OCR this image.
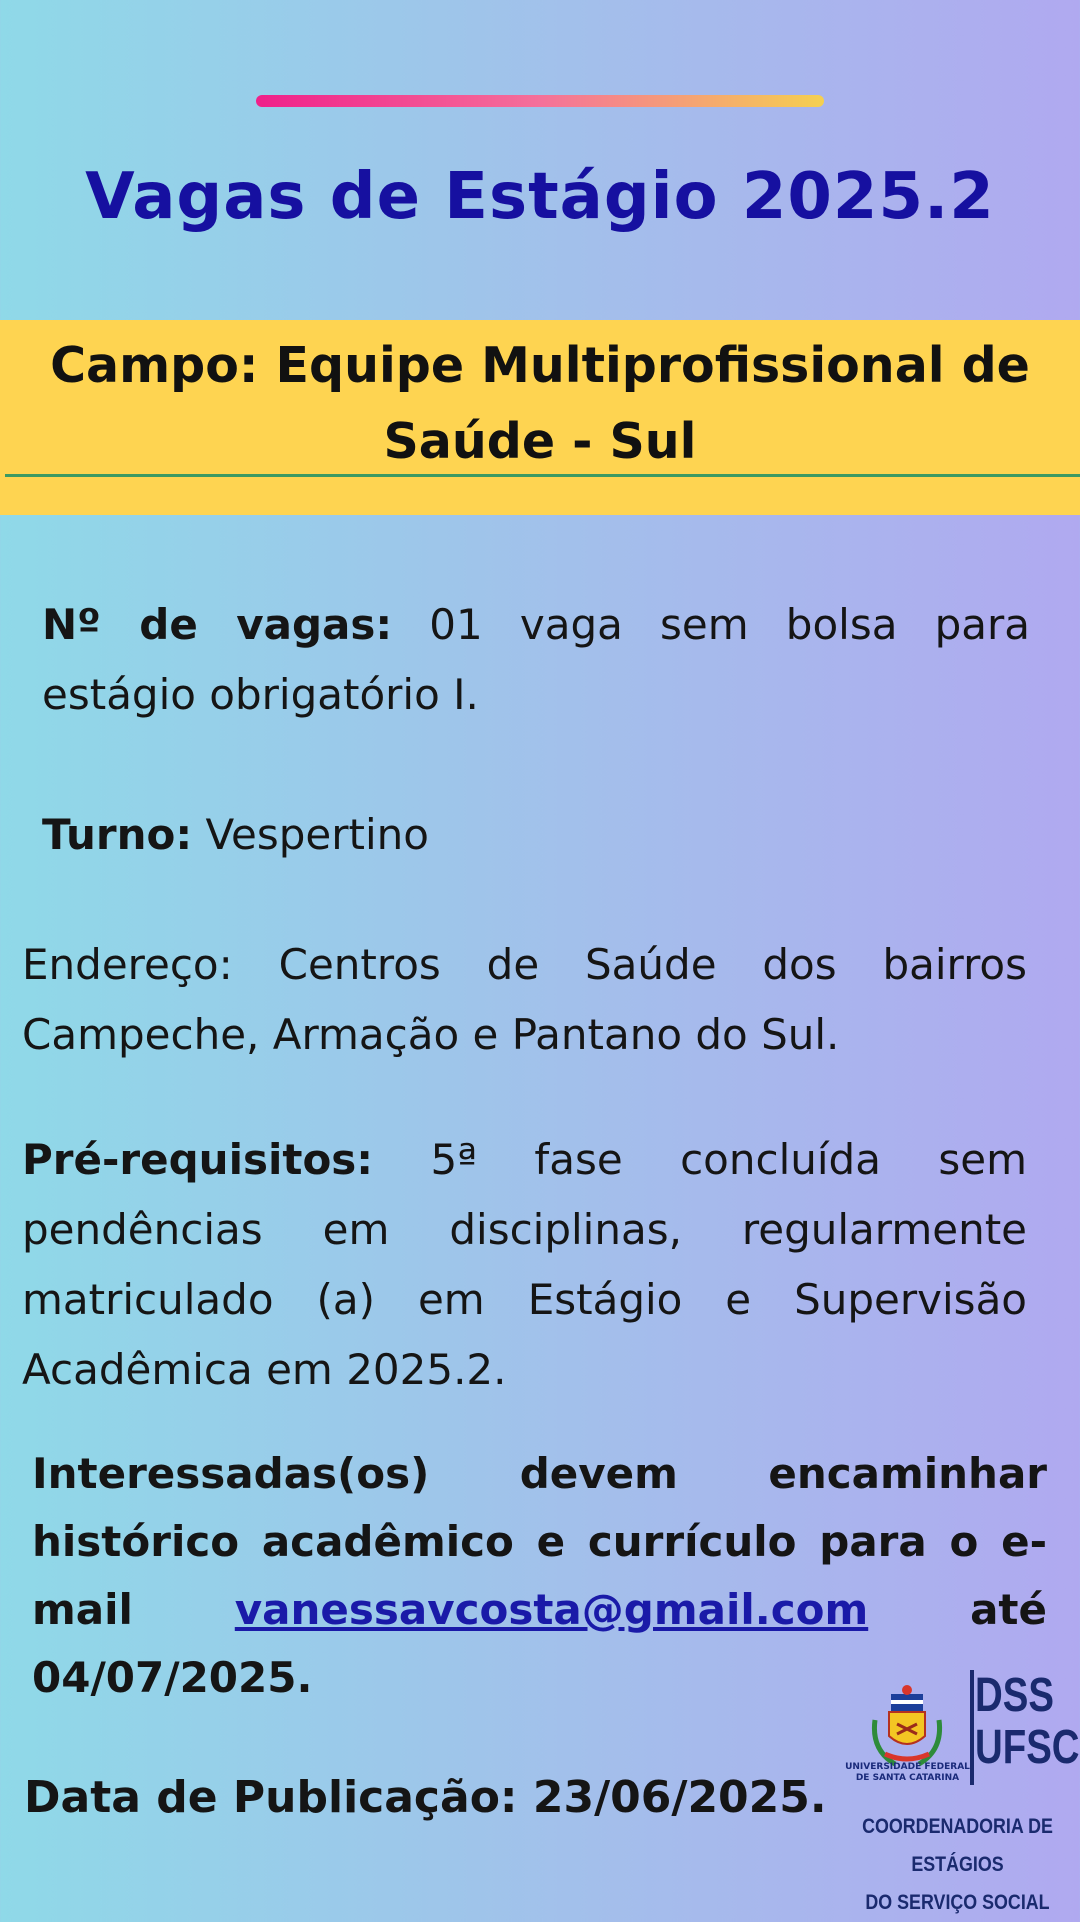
Vagas de Estágio 2025.2
Campo: Equipe Multiprofissional de Saúde - Sul
Nº de vagas: 01 vaga sem bolsa para estágio obrigatório I.
Turno: Vespertino
Endereço: Centros de Saúde dos bairros Campeche, Armação e Pantano do Sul.
Pré-requisitos: 5ª fase concluída sem pendências em disciplinas, regularmente matriculado (a) em Estágio e Supervisão Acadêmica em 2025.2.
Interessadas(os) devem encaminhar histórico acadêmico e currículo para o e-mail vanessavcosta@gmail.com até 04/07/2025.
Data de Publicação: 23/06/2025.
UNIVERSIDADE FEDERAL DE SANTA CATARINA
DSS
UFSC
COORDENADORIA DE ESTÁGIOS
DO SERVIÇO SOCIAL
